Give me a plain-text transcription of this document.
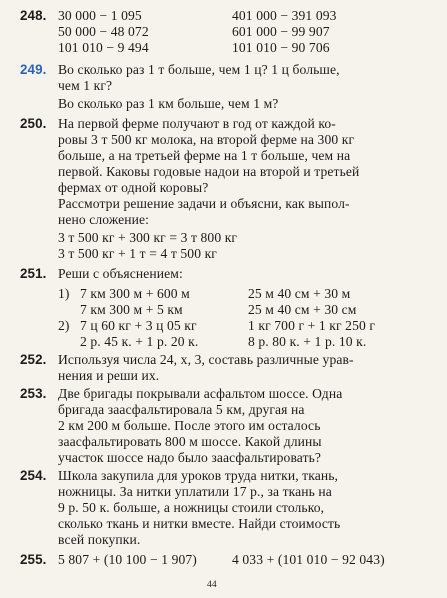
248. 30 000 − 1 095
50 000 − 48 072
101 010 − 9 494
401 000 − 391 093
601 000 − 99 907
101 010 − 90 706
249. Во сколько раз 1 т больше, чем 1 ц? 1 ц больше,
чем 1 кг?
Во сколько раз 1 км больше, чем 1 м?
250. На первой ферме получают в год от каждой ко-
ровы 3 т 500 кг молока, на второй ферме на 300 кг
больше, а на третьей ферме на 1 т больше, чем на
первой. Каковы годовые надои на второй и третьей
фермах от одной коровы?
Рассмотри решение задачи и объясни, как выпол-
нено сложение:
3 т 500 кг + 300 кг = 3 т 800 кг
3 т 500 кг + 1 т = 4 т 500 кг
251. Реши с объяснением:
1) 7 км 300 м + 600 м
7 км 300 м + 5 км
25 м 40 см + 30 м
25 м 40 см + 30 см
2) 7 ц 60 кг + 3 ц 05 кг
2 р. 45 к. + 1 р. 20 к.
1 кг 700 г + 1 кг 250 г
8 р. 80 к. + 1 р. 10 к.
252. Используя числа 24, x, 3, составь различные урав-
нения и реши их.
253. Две бригады покрывали асфальтом шоссе. Одна
бригада заасфальтировала 5 км, другая на
2 км 200 м больше. После этого им осталось
заасфальтировать 800 м шоссе. Какой длины
участок шоссе надо было заасфальтировать?
254. Школа закупила для уроков труда нитки, ткань,
ножницы. За нитки уплатили 17 р., за ткань на
9 р. 50 к. больше, а ножницы стоили столько,
сколько ткань и нитки вместе. Найди стоимость
всей покупки.
255. 5 807 + (10 100 − 1 907)	4 033 + (101 010 − 92 043)
44
